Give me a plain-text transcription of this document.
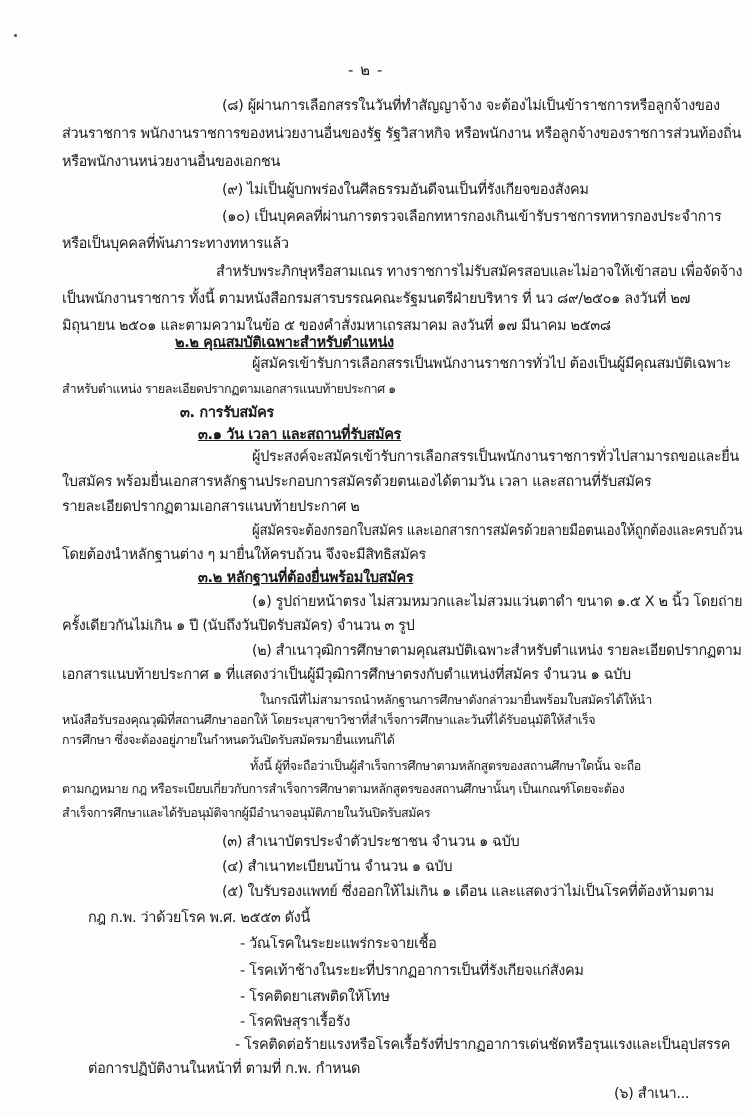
- ๒ -
(๘) ผู้ผ่านการเลือกสรรในวันที่ทำสัญญาจ้าง จะต้องไม่เป็นข้าราชการหรือลูกจ้างของ
ส่วนราชการ พนักงานราชการของหน่วยงานอื่นของรัฐ รัฐวิสาหกิจ หรือพนักงาน หรือลูกจ้างของราชการส่วนท้องถิ่น
หรือพนักงานหน่วยงานอื่นของเอกชน
(๙) ไม่เป็นผู้บกพร่องในศีลธรรมอันดีจนเป็นที่รังเกียจของสังคม
(๑๐) เป็นบุคคลที่ผ่านการตรวจเลือกทหารกองเกินเข้ารับราชการทหารกองประจำการ
หรือเป็นบุคคลที่พ้นภาระทางทหารแล้ว
สำหรับพระภิกษุหรือสามเณร ทางราชการไม่รับสมัครสอบและไม่อาจให้เข้าสอบ เพื่อจัดจ้าง
เป็นพนักงานราชการ ทั้งนี้ ตามหนังสือกรมสารบรรณคณะรัฐมนตรีฝ่ายบริหาร ที่ นว ๘๙/๒๕๐๑ ลงวันที่ ๒๗
มิถุนายน ๒๕๐๑ และตามความในข้อ ๕ ของคำสั่งมหาเถรสมาคม ลงวันที่ ๑๗ มีนาคม ๒๕๓๘
๒.๒ คุณสมบัติเฉพาะสำหรับตำแหน่ง
ผู้สมัครเข้ารับการเลือกสรรเป็นพนักงานราชการทั่วไป ต้องเป็นผู้มีคุณสมบัติเฉพาะ
สำหรับตำแหน่ง รายละเอียดปรากฏตามเอกสารแนบท้ายประกาศ ๑
๓. การรับสมัคร
๓.๑ วัน เวลา และสถานที่รับสมัคร
ผู้ประสงค์จะสมัครเข้ารับการเลือกสรรเป็นพนักงานราชการทั่วไปสามารถขอและยื่น
ใบสมัคร พร้อมยื่นเอกสารหลักฐานประกอบการสมัครด้วยตนเองได้ตามวัน เวลา และสถานที่รับสมัคร
รายละเอียดปรากฏตามเอกสารแนบท้ายประกาศ ๒
ผู้สมัครจะต้องกรอกใบสมัคร และเอกสารการสมัครด้วยลายมือตนเองให้ถูกต้องและครบถ้วน
โดยต้องนำหลักฐานต่าง ๆ มายื่นให้ครบถ้วน จึงจะมีสิทธิสมัคร
๓.๒ หลักฐานที่ต้องยื่นพร้อมใบสมัคร
(๑) รูปถ่ายหน้าตรง ไม่สวมหมวกและไม่สวมแว่นตาดำ ขนาด ๑.๕ X ๒ นิ้ว โดยถ่าย
ครั้งเดียวกันไม่เกิน ๑ ปี (นับถึงวันปิดรับสมัคร) จำนวน ๓ รูป
(๒) สำเนาวุฒิการศึกษาตามคุณสมบัติเฉพาะสำหรับตำแหน่ง รายละเอียดปรากฏตาม
เอกสารแนบท้ายประกาศ ๑ ที่แสดงว่าเป็นผู้มีวุฒิการศึกษาตรงกับตำแหน่งที่สมัคร จำนวน ๑ ฉบับ
ในกรณีที่ไม่สามารถนำหลักฐานการศึกษาดังกล่าวมายื่นพร้อมใบสมัครได้ให้นำ
หนังสือรับรองคุณวุฒิที่สถานศึกษาออกให้ โดยระบุสาขาวิชาที่สำเร็จการศึกษาและวันที่ได้รับอนุมัติให้สำเร็จ
การศึกษา ซึ่งจะต้องอยู่ภายในกำหนดวันปิดรับสมัครมายื่นแทนก็ได้
ทั้งนี้ ผู้ที่จะถือว่าเป็นผู้สำเร็จการศึกษาตามหลักสูตรของสถานศึกษาใดนั้น จะถือ
ตามกฎหมาย กฎ หรือระเบียบเกี่ยวกับการสำเร็จการศึกษาตามหลักสูตรของสถานศึกษานั้นๆ เป็นเกณฑ์โดยจะต้อง
สำเร็จการศึกษาและได้รับอนุมัติจากผู้มีอำนาจอนุมัติภายในวันปิดรับสมัคร
(๓) สำเนาบัตรประจำตัวประชาชน จำนวน ๑ ฉบับ
(๔) สำเนาทะเบียนบ้าน จำนวน ๑ ฉบับ
(๕) ใบรับรองแพทย์ ซึ่งออกให้ไม่เกิน ๑ เดือน และแสดงว่าไม่เป็นโรคที่ต้องห้ามตาม
กฎ ก.พ. ว่าด้วยโรค พ.ศ. ๒๕๕๓ ดังนี้
- วัณโรคในระยะแพร่กระจายเชื้อ
- โรคเท้าช้างในระยะที่ปรากฏอาการเป็นที่รังเกียจแก่สังคม
- โรคติดยาเสพติดให้โทษ
- โรคพิษสุราเรื้อรัง
- โรคติดต่อร้ายแรงหรือโรคเรื้อรังที่ปรากฏอาการเด่นชัดหรือรุนแรงและเป็นอุปสรรค
ต่อการปฏิบัติงานในหน้าที่ ตามที่ ก.พ. กำหนด
(๖) สำเนา...
